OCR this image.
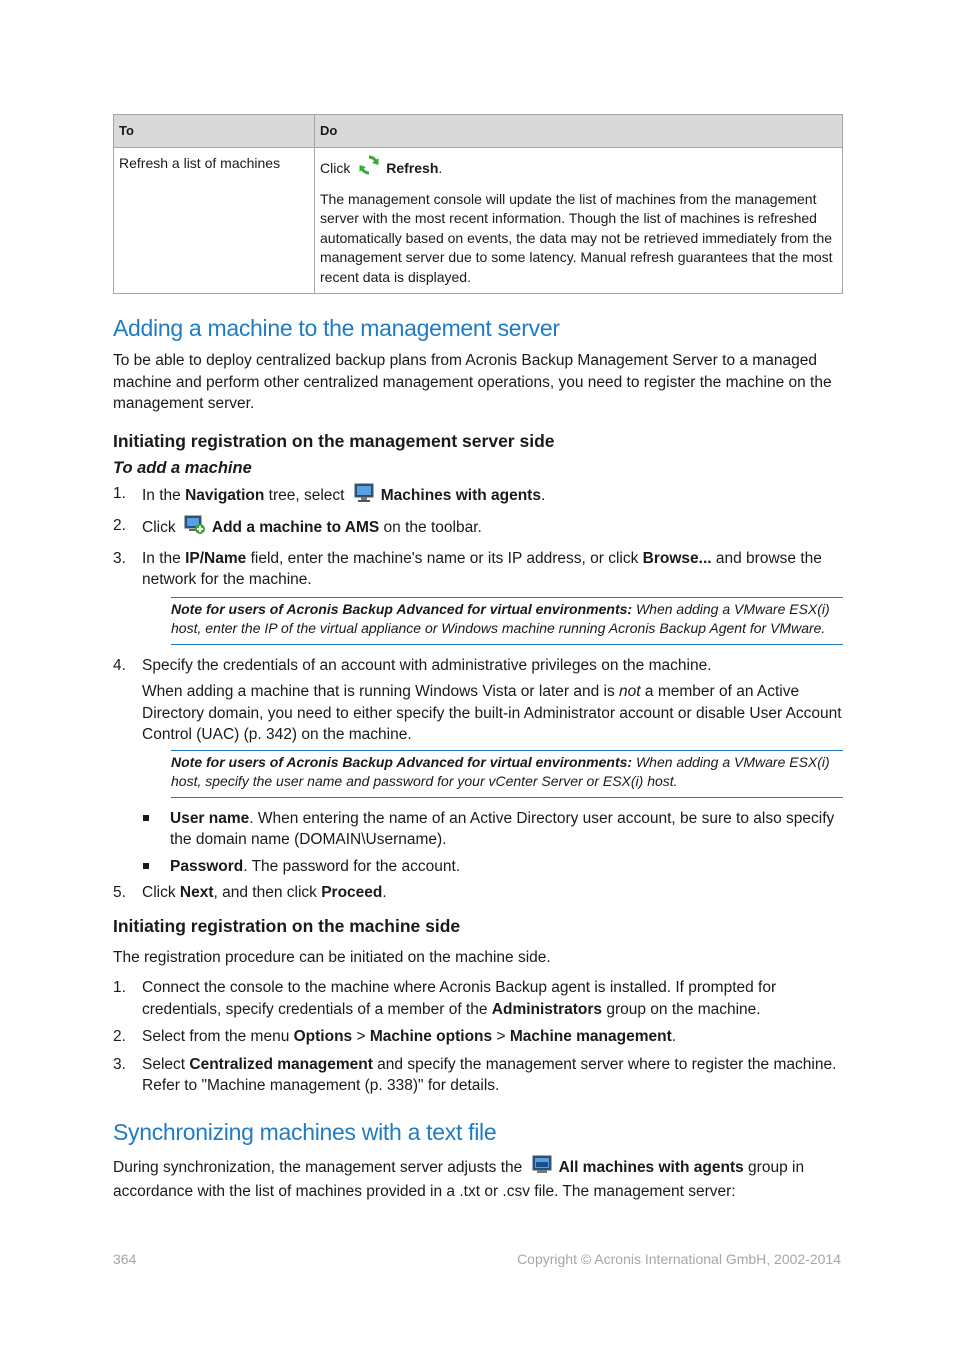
To	Do
Refresh a list of machines	Click Refresh.

The management console will update the list of machines from the management server with the most recent information. Though the list of machines is refreshed automatically based on events, the data may not be retrieved immediately from the management server due to some latency. Manual refresh guarantees that the most recent data is displayed.

Adding a machine to the management server

To be able to deploy centralized backup plans from Acronis Backup Management Server to a managed machine and perform other centralized management operations, you need to register the machine on the management server.

Initiating registration on the management server side
To add a machine
1. In the Navigation tree, select Machines with agents.
2. Click Add a machine to AMS on the toolbar.
3. In the IP/Name field, enter the machine's name or its IP address, or click Browse... and browse the network for the machine.
Note for users of Acronis Backup Advanced for virtual environments: When adding a VMware ESX(i) host, enter the IP of the virtual appliance or Windows machine running Acronis Backup Agent for VMware.
4. Specify the credentials of an account with administrative privileges on the machine.
When adding a machine that is running Windows Vista or later and is not a member of an Active Directory domain, you need to either specify the built-in Administrator account or disable User Account Control (UAC) (p. 342) on the machine.
Note for users of Acronis Backup Advanced for virtual environments: When adding a VMware ESX(i) host, specify the user name and password for your vCenter Server or ESX(i) host.
User name. When entering the name of an Active Directory user account, be sure to also specify the domain name (DOMAIN\Username).
Password. The password for the account.
5. Click Next, and then click Proceed.
Initiating registration on the machine side

The registration procedure can be initiated on the machine side.

1. Connect the console to the machine where Acronis Backup agent is installed. If prompted for credentials, specify credentials of a member of the Administrators group on the machine.
2. Select from the menu Options > Machine options > Machine management.
3. Select Centralized management and specify the management server where to register the machine. Refer to "Machine management (p. 338)" for details.
Synchronizing machines with a text file

During synchronization, the management server adjusts the All machines with agents group in accordance with the list of machines provided in a .txt or .csv file. The management server:

364	Copyright © Acronis International GmbH, 2002-2014
